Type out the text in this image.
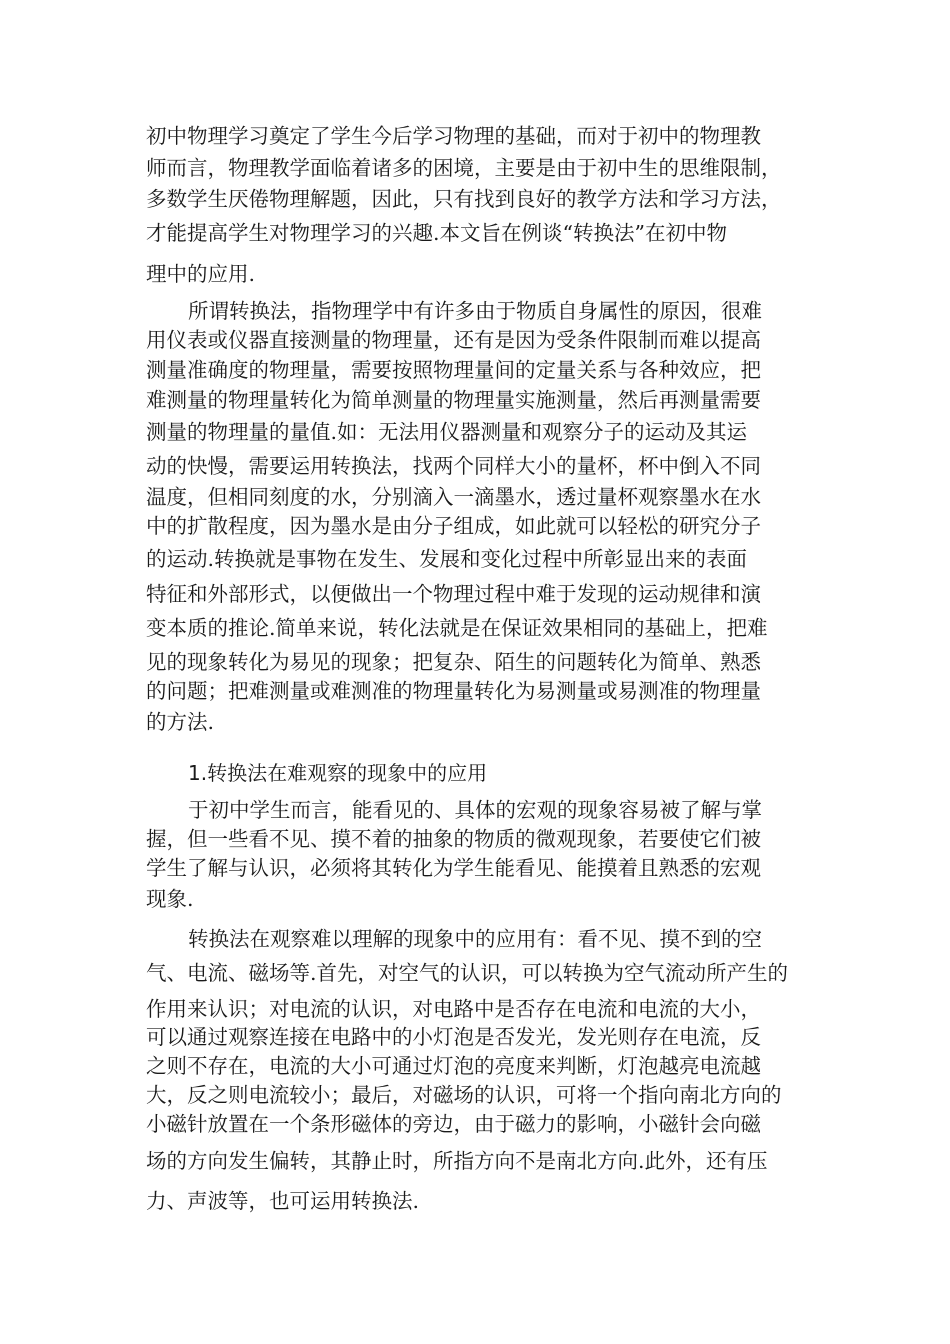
初中物理学习奠定了学生今后学习物理的基础，而对于初中的物理教
师而言，物理教学面临着诸多的困境，主要是由于初中生的思维限制，
多数学生厌倦物理解题，因此，只有找到良好的教学方法和学习方法，
才能提高学生对物理学习的兴趣.本文旨在例谈“转换法”在初中物
理中的应用.
所谓转换法，指物理学中有许多由于物质自身属性的原因，很难
用仪表或仪器直接测量的物理量，还有是因为受条件限制而难以提高
测量准确度的物理量，需要按照物理量间的定量关系与各种效应，把
难测量的物理量转化为简单测量的物理量实施测量，然后再测量需要
测量的物理量的量值.如：无法用仪器测量和观察分子的运动及其运
动的快慢，需要运用转换法，找两个同样大小的量杯，杯中倒入不同
温度，但相同刻度的水，分别滴入一滴墨水，透过量杯观察墨水在水
中的扩散程度，因为墨水是由分子组成，如此就可以轻松的研究分子
的运动.转换就是事物在发生、发展和变化过程中所彰显出来的表面
特征和外部形式，以便做出一个物理过程中难于发现的运动规律和演
变本质的推论.简单来说，转化法就是在保证效果相同的基础上，把难
见的现象转化为易见的现象；把复杂、陌生的问题转化为简单、熟悉
的问题；把难测量或难测准的物理量转化为易测量或易测准的物理量
的方法.
1.转换法在难观察的现象中的应用
于初中学生而言，能看见的、具体的宏观的现象容易被了解与掌
握，但一些看不见、摸不着的抽象的物质的微观现象，若要使它们被
学生了解与认识，必须将其转化为学生能看见、能摸着且熟悉的宏观
现象.
转换法在观察难以理解的现象中的应用有：看不见、摸不到的空
气、电流、磁场等.首先，对空气的认识，可以转换为空气流动所产生的
作用来认识；对电流的认识，对电路中是否存在电流和电流的大小，
可以通过观察连接在电路中的小灯泡是否发光，发光则存在电流，反
之则不存在，电流的大小可通过灯泡的亮度来判断，灯泡越亮电流越
大，反之则电流较小；最后，对磁场的认识，可将一个指向南北方向的
小磁针放置在一个条形磁体的旁边，由于磁力的影响，小磁针会向磁
场的方向发生偏转，其静止时，所指方向不是南北方向.此外，还有压
力、声波等，也可运用转换法.
